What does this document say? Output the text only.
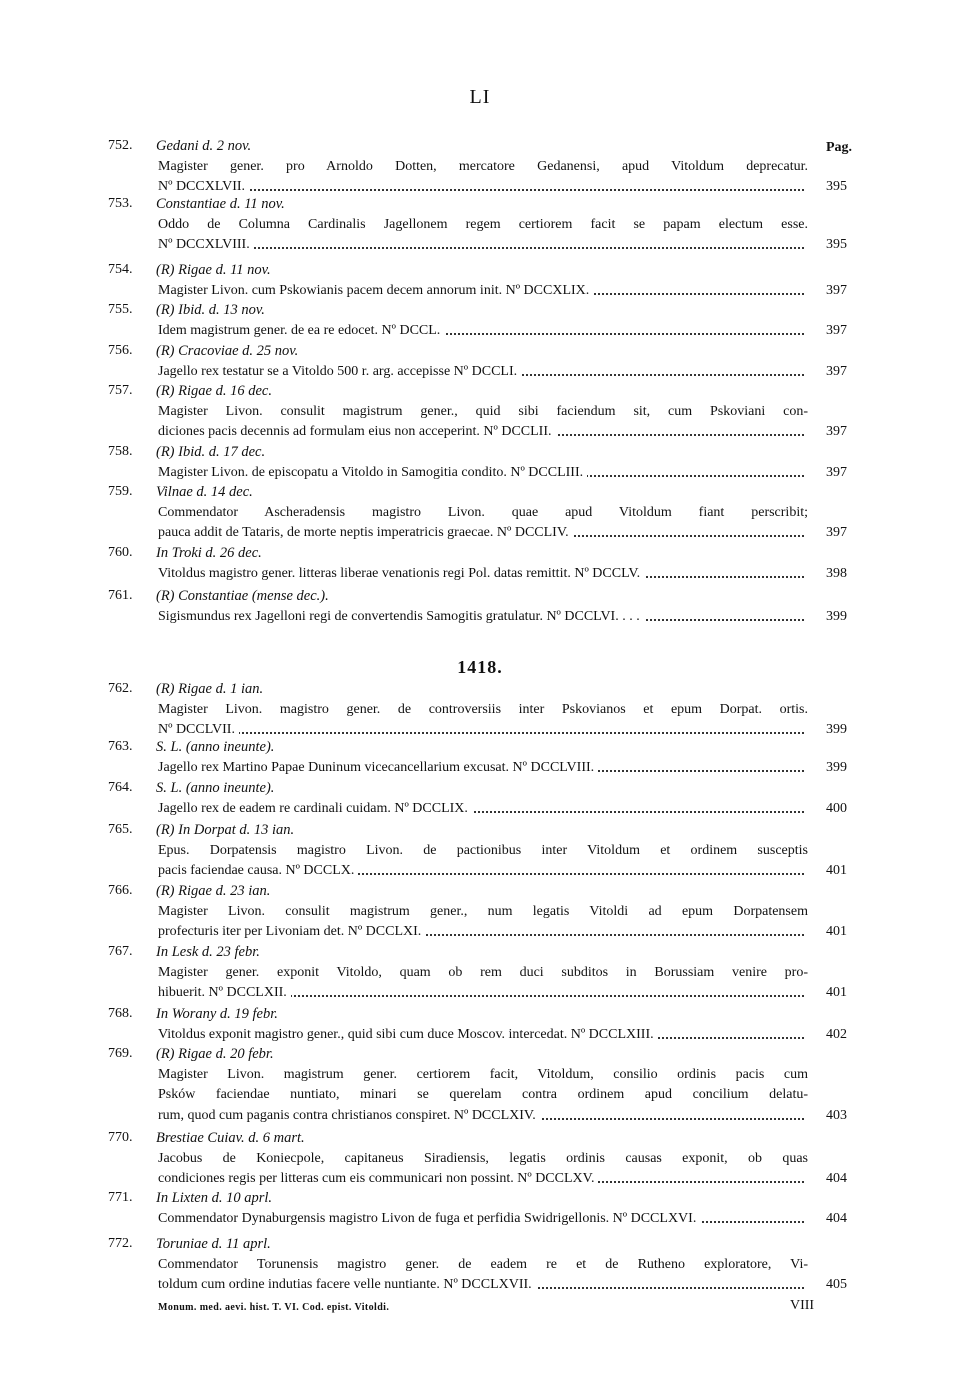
LI
Pag.
1418.
752. Gedani d. 2 nov.
Magister gener. pro Arnoldo Dotten, mercatore Gedanensi, apud Vitoldum deprecatur.
Nº DCCXLVII.	395
753. Constantiae d. 11 nov.
Oddo de Columna Cardinalis Jagellonem regem certiorem facit se papam electum esse.
Nº DCCXLVIII.	395
754. (R) Rigae d. 11 nov.
Magister Livon. cum Pskowianis pacem decem annorum init. Nº DCCXLIX.	397
755. (R) Ibid. d. 13 nov.
Idem magistrum gener. de ea re edocet. Nº DCCL.	397
756. (R) Cracoviae d. 25 nov.
Jagello rex testatur se a Vitoldo 500 r. arg. accepisse Nº DCCLI.	397
757. (R) Rigae d. 16 dec.
Magister Livon. consulit magistrum gener., quid sibi faciendum sit, cum Pskoviani con-
diciones pacis decennis ad formulam eius non acceperint. Nº DCCLII.	397
758. (R) Ibid. d. 17 dec.
Magister Livon. de episcopatu a Vitoldo in Samogitia condito. Nº DCCLIII.	397
759. Vilnae d. 14 dec.
Commendator Ascheradensis magistro Livon. quae apud Vitoldum fiant perscribit;
pauca addit de Tataris, de morte neptis imperatricis graecae. Nº DCCLIV.	397
760. In Troki d. 26 dec.
Vitoldus magistro gener. litteras liberae venationis regi Pol. datas remittit. Nº DCCLV.	398
761. (R) Constantiae (mense dec.).
Sigismundus rex Jagelloni regi de convertendis Samogitis gratulatur. Nº DCCLVI. . . .	399
762. (R) Rigae d. 1 ian.
Magister Livon. magistro gener. de controversiis inter Pskovianos et epum Dorpat. ortis.
Nº DCCLVII.	399
763. S. L. (anno ineunte).
Jagello rex Martino Papae Duninum vicecancellarium excusat. Nº DCCLVIII.	399
764. S. L. (anno ineunte).
Jagello rex de eadem re cardinali cuidam. Nº DCCLIX.	400
765. (R) In Dorpat d. 13 ian.
Epus. Dorpatensis magistro Livon. de pactionibus inter Vitoldum et ordinem susceptis
pacis faciendae causa. Nº DCCLX.	401
766. (R) Rigae d. 23 ian.
Magister Livon. consulit magistrum gener., num legatis Vitoldi ad epum Dorpatensem
profecturis iter per Livoniam det. Nº DCCLXI.	401
767. In Lesk d. 23 febr.
Magister gener. exponit Vitoldo, quam ob rem duci subditos in Borussiam venire pro-
hibuerit. Nº DCCLXII.	401
768. In Worany d. 19 febr.
Vitoldus exponit magistro gener., quid sibi cum duce Moscov. intercedat. Nº DCCLXIII.	402
769. (R) Rigae d. 20 febr.
Magister Livon. magistrum gener. certiorem facit, Vitoldum, consilio ordinis pacis cum
Psków faciendae nuntiato, minari se querelam contra ordinem apud concilium delatu-
rum, quod cum paganis contra christianos conspiret. Nº DCCLXIV.	403
770. Brestiae Cuiav. d. 6 mart.
Jacobus de Koniecpole, capitaneus Siradiensis, legatis ordinis causas exponit, ob quas
condiciones regis per litteras cum eis communicari non possint. Nº DCCLXV.	404
771. In Lixten d. 10 aprl.
Commendator Dynaburgensis magistro Livon de fuga et perfidia Swidrigellonis. Nº DCCLXVI.	404
772. Toruniae d. 11 aprl.
Commendator Torunensis magistro gener. de eadem re et de Rutheno exploratore, Vi-
toldum cum ordine indutias facere velle nuntiante. Nº DCCLXVII.	405
Monum. med. aevi. hist. T. VI. Cod. epist. Vitoldi.	VIII
